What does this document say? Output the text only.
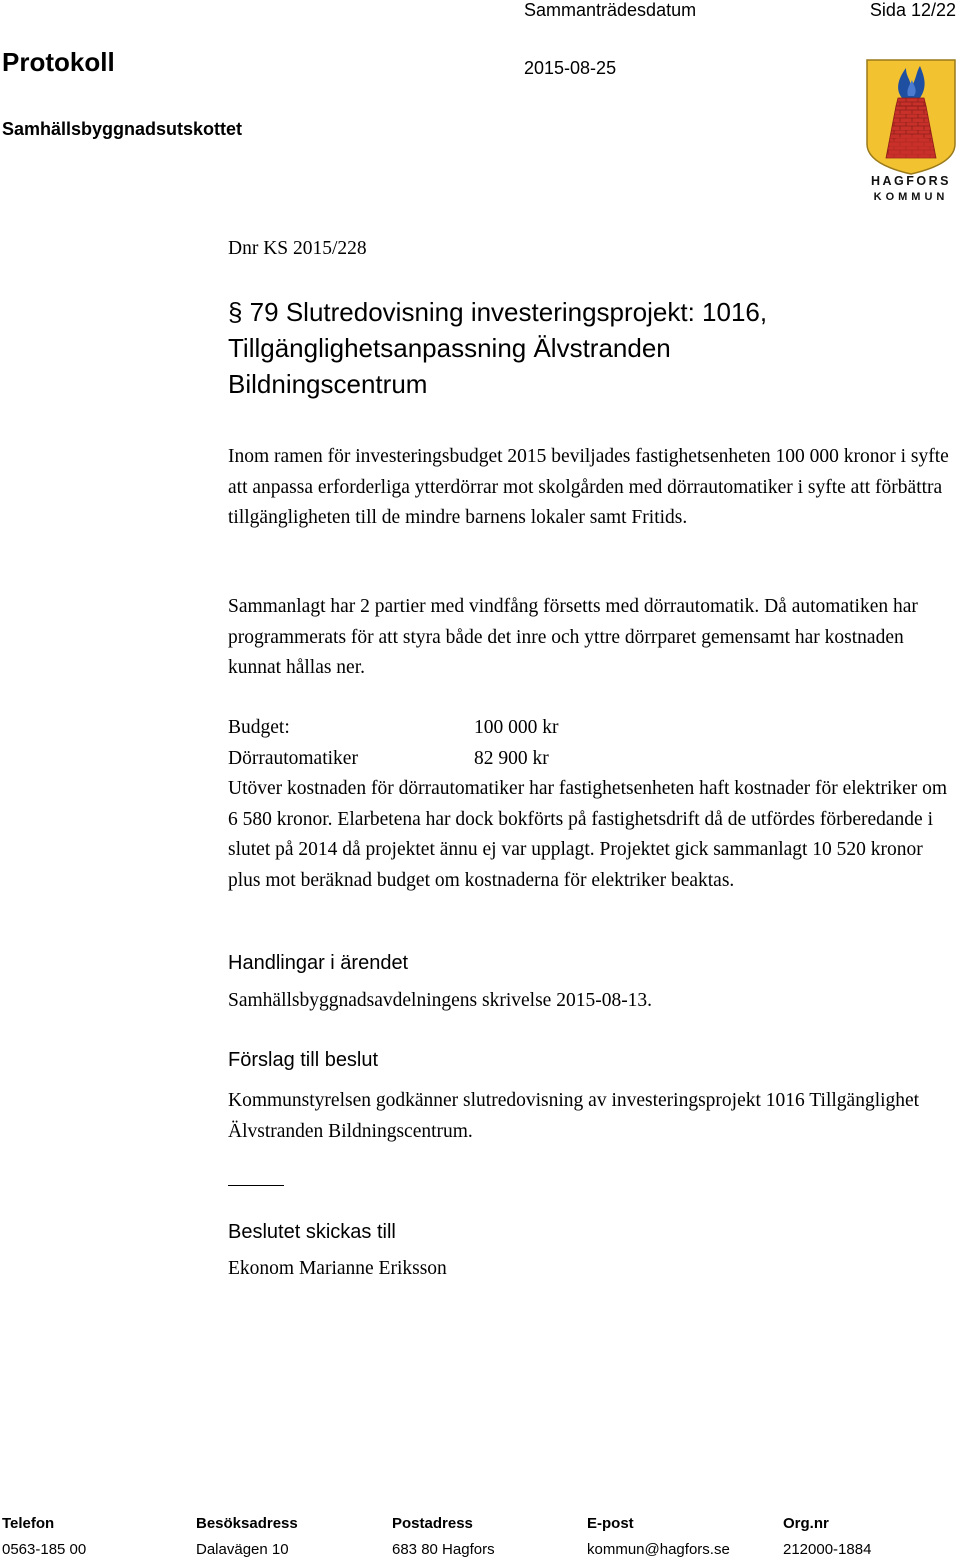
Sammanträdesdatum	Sida 12/22
Protokoll	2015-08-25
Samhällsbyggnadsutskottet
HAGFORS
KOMMUN
Dnr KS 2015/228
§ 79 Slutredovisning investeringsprojekt: 1016,
Tillgänglighetsanpassning Älvstranden
Bildningscentrum
Inom ramen för investeringsbudget 2015 beviljades fastighetsenheten 100 000 kronor i syfte att anpassa erforderliga ytterdörrar mot skolgården med dörrautomatiker i syfte att förbättra tillgängligheten till de mindre barnens lokaler samt Fritids.
Sammanlagt har 2 partier med vindfång försetts med dörrautomatik. Då automatiken har programmerats för att styra både det inre och yttre dörrparet gemensamt har kostnaden kunnat hållas ner.
Budget:	100 000 kr
Dörrautomatiker	82 900 kr
Utöver kostnaden för dörrautomatiker har fastighetsenheten haft kostnader för elektriker om 6 580 kronor. Elarbetena har dock bokförts på fastighetsdrift då de utfördes förberedande i slutet på 2014 då projektet ännu ej var upplagt. Projektet gick sammanlagt 10 520 kronor plus mot beräknad budget om kostnaderna för elektriker beaktas.
Handlingar i ärendet
Samhällsbyggnadsavdelningens skrivelse 2015-08-13.
Förslag till beslut
Kommunstyrelsen godkänner slutredovisning av investeringsprojekt 1016 Tillgänglighet Älvstranden Bildningscentrum.
Beslutet skickas till
Ekonom Marianne Eriksson
Telefon
0563-185 00
Besöksadress
Dalavägen 10
Postadress
683 80 Hagfors
E-post
kommun@hagfors.se
Org.nr
212000-1884
